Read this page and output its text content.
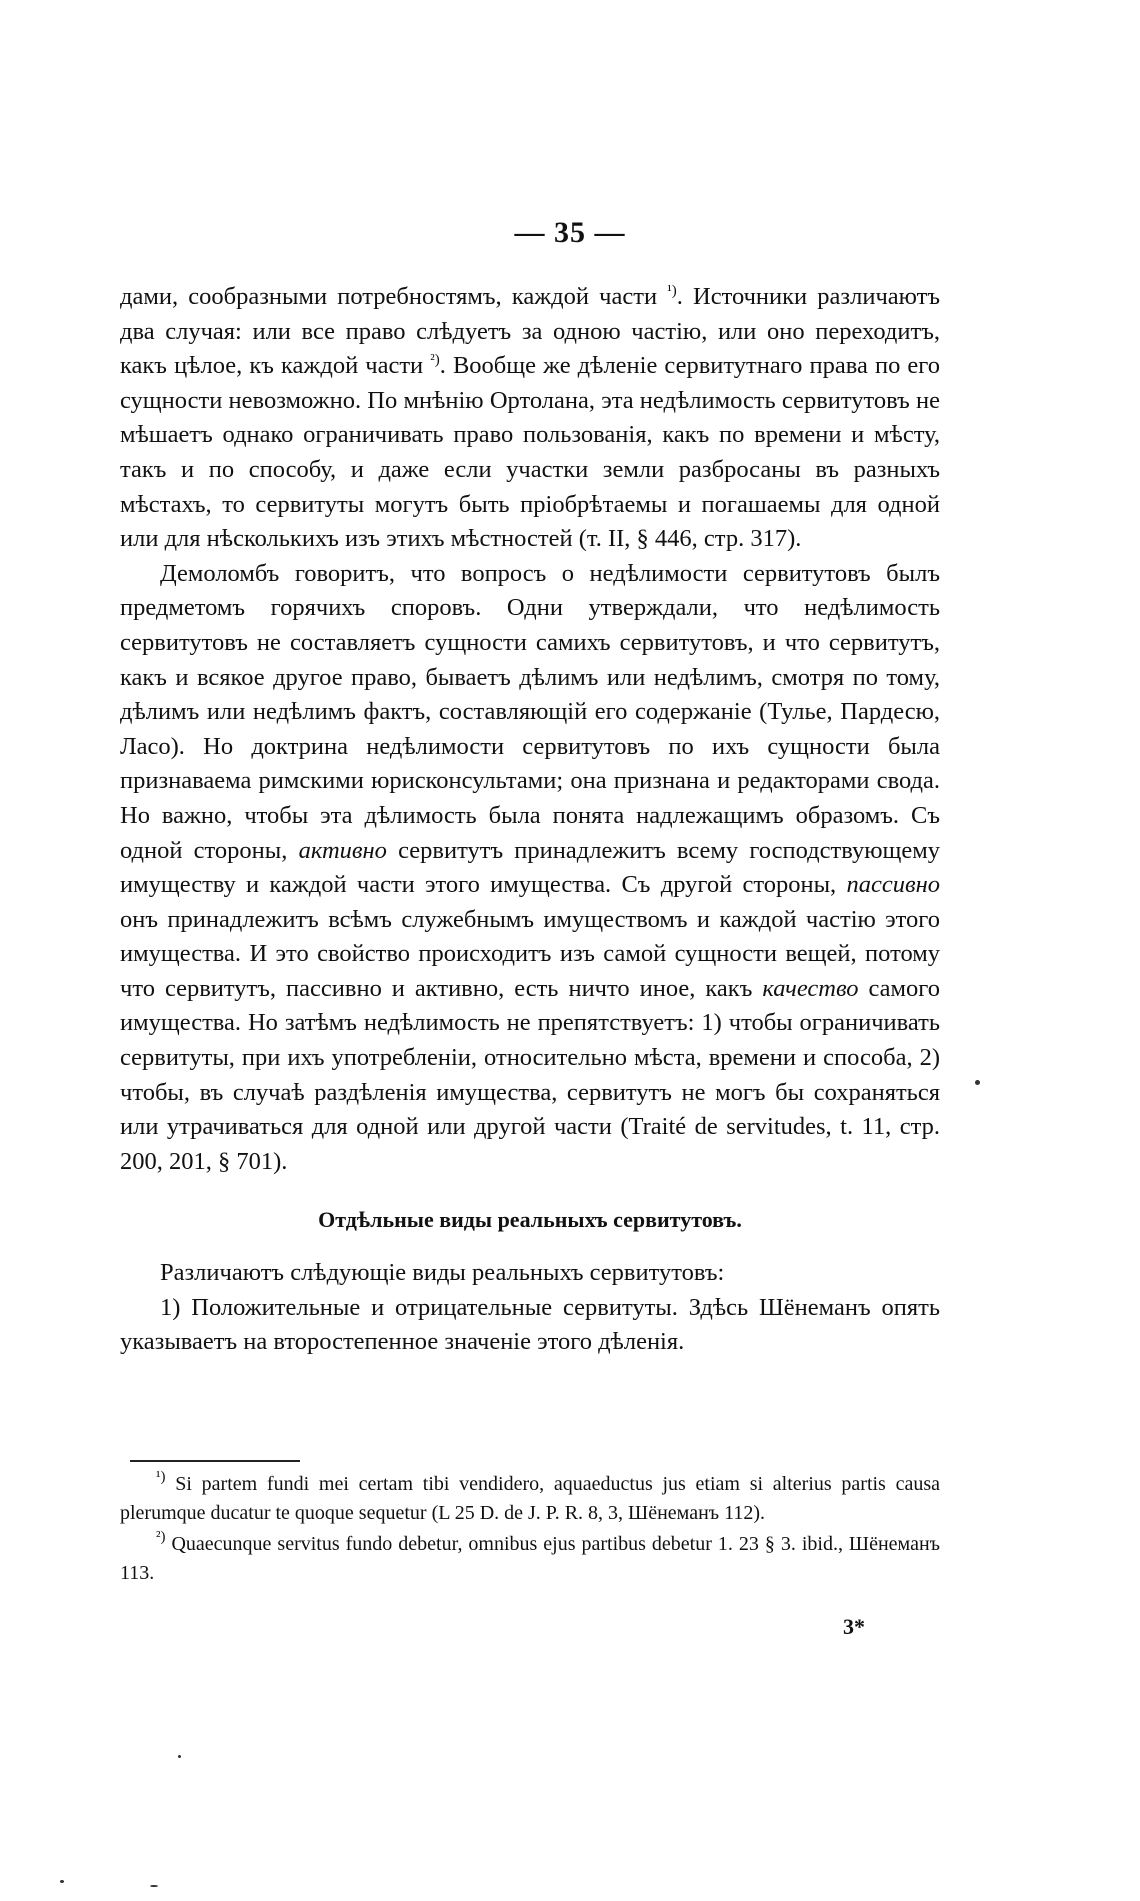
— 35 —

дами, сообразными потребностямъ, каждой части $^{^1)}$. Источники различаютъ два случая: или все право слѣдуетъ за одною частію, или оно переходитъ, какъ цѣлое, къ каждой части $^{^2)}$. Вообще же дѣленіе сервитутнаго права по его сущности невозможно. По мнѣнію Ортолана, эта недѣлимость сервитутовъ не мѣшаетъ однако ограничивать право пользованія, какъ по времени и мѣсту, такъ и по способу, и даже если участки земли разбросаны въ разныхъ мѣстахъ, то сервитуты могутъ быть пріобрѣтаемы и погашаемы для одной или для нѣсколькихъ изъ этихъ мѣстностей (т. II, § 446, стр. 317).

Демоломбъ говоритъ, что вопросъ о недѣлимости сервитутовъ былъ предметомъ горячихъ споровъ. Одни утверждали, что недѣлимость сервитутовъ не составляетъ сущности самихъ сервитутовъ, и что сервитутъ, какъ и всякое другое право, бываетъ дѣлимъ или недѣлимъ, смотря по тому, дѣлимъ или недѣлимъ фактъ, составляющій его содержаніе (Тулье, Пардесю, Ласо). Но доктрина недѣлимости сервитутовъ по ихъ сущности была признаваема римскими юрисконсультами; она признана и редакторами свода. Но важно, чтобы эта дѣлимость была понята надлежащимъ образомъ. Съ одной стороны, активно сервитутъ принадлежитъ всему господствующему имуществу и каждой части этого имущества. Съ другой стороны, пассивно онъ принадлежитъ всѣмъ служебнымъ имуществомъ и каждой частію этого имущества. И это свойство происходитъ изъ самой сущности вещей, потому что сервитутъ, пассивно и активно, есть ничто иное, какъ качество самого имущества. Но затѣмъ недѣлимость не препятствуетъ: 1) чтобы ограничивать сервитуты, при ихъ употребленіи, относительно мѣста, времени и способа, 2) чтобы, въ случаѣ раздѣленія имущества, сервитутъ не могъ бы сохраняться или утрачиваться для одной или другой части (Traité de servitudes, t. 11, стр. 200, 201, § 701).

Отдѣльные виды реальныхъ сервитутовъ.

Различаютъ слѣдующіе виды реальныхъ сервитутовъ:

1) Положительные и отрицательные сервитуты. Здѣсь Шёнеманъ опять указываетъ на второстепенное значеніе этого дѣленія.

$^{^1)}$ Si partem fundi mei certam tibi vendidero, aquaeductus jus etiam si alterius partis causa plerumque ducatur te quoque sequetur (L 25 D. de J. P. R. 8, 3, Шёнеманъ 112).

$^{^2)}$ Quaecunque servitus fundo debetur, omnibus ejus partibus debetur 1. 23 § 3. ibid., Шёнеманъ 113.

3*
